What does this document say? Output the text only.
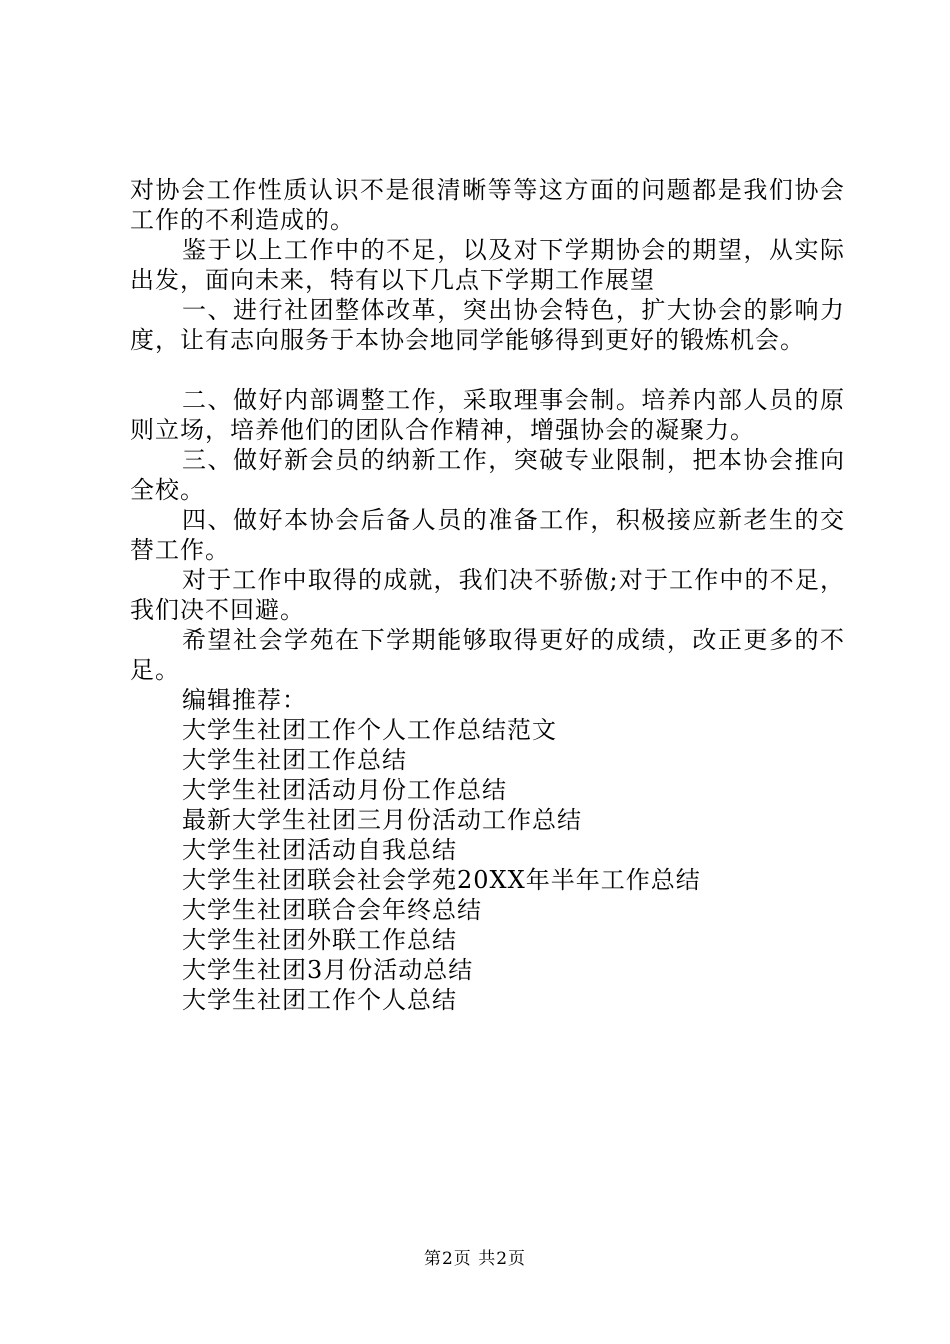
对协会工作性质认识不是很清晰等等这方面的问题都是我们协会工作的不利造成的。

鉴于以上工作中的不足，以及对下学期协会的期望，从实际出发，面向未来，特有以下几点下学期工作展望

一、进行社团整体改革，突出协会特色，扩大协会的影响力度，让有志向服务于本协会地同学能够得到更好的锻炼机会。

二、做好内部调整工作，采取理事会制。培养内部人员的原则立场，培养他们的团队合作精神，增强协会的凝聚力。

三、做好新会员的纳新工作，突破专业限制，把本协会推向全校。

四、做好本协会后备人员的准备工作，积极接应新老生的交替工作。

对于工作中取得的成就，我们决不骄傲;对于工作中的不足，我们决不回避。

希望社会学苑在下学期能够取得更好的成绩，改正更多的不足。

编辑推荐：

大学生社团工作个人工作总结范文
大学生社团工作总结
大学生社团活动月份工作总结
最新大学生社团三月份活动工作总结
大学生社团活动自我总结
大学生社团联会社会学苑20XX年半年工作总结
大学生社团联合会年终总结
大学生社团外联工作总结
大学生社团3月份活动总结
大学生社团工作个人总结
第2页 共2页
